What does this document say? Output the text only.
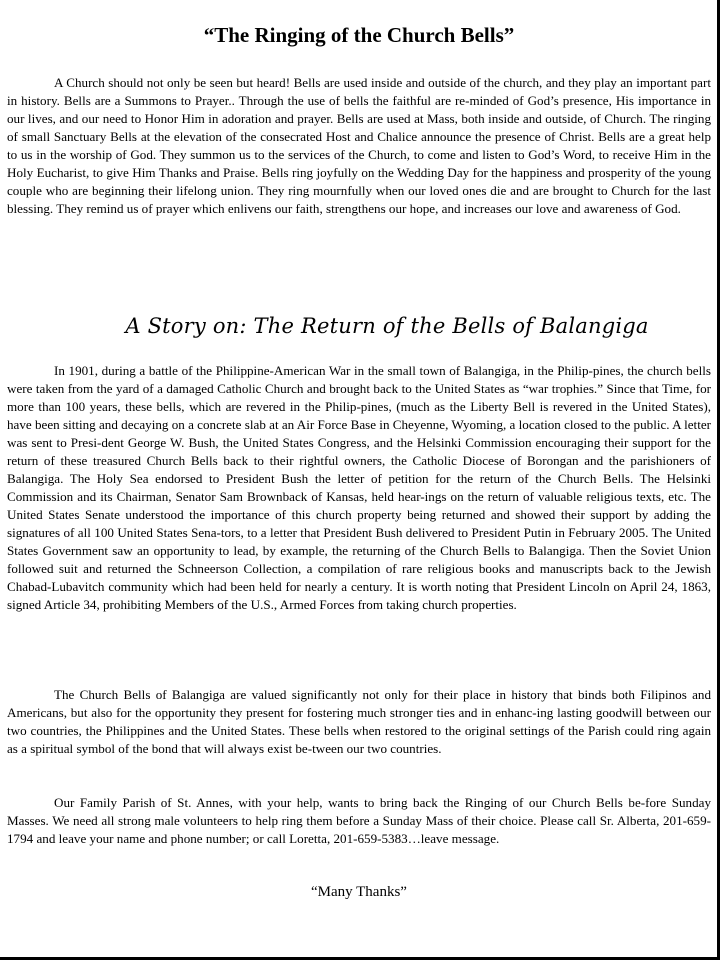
“The Ringing of the Church Bells”

A Church should not only be seen but heard! Bells are used inside and outside of the church, and they play an important part in history. Bells are a Summons to Prayer.. Through the use of bells the faithful are re-minded of God’s presence, His importance in our lives, and our need to Honor Him in adoration and prayer. Bells are used at Mass, both inside and outside, of Church. The ringing of small Sanctuary Bells at the elevation of the consecrated Host and Chalice announce the presence of Christ. Bells are a great help to us in the worship of God. They summon us to the services of the Church, to come and listen to God’s Word, to receive Him in the Holy Eucharist, to give Him Thanks and Praise. Bells ring joyfully on the Wedding Day for the happiness and prosperity of the young couple who are beginning their lifelong union. They ring mournfully when our loved ones die and are brought to Church for the last blessing. They remind us of prayer which enlivens our faith, strengthens our hope, and increases our love and awareness of God.

A Story on: The Return of the Bells of Balangiga

In 1901, during a battle of the Philippine-American War in the small town of Balangiga, in the Philip-pines, the church bells were taken from the yard of a damaged Catholic Church and brought back to the United States as “war trophies.” Since that Time, for more than 100 years, these bells, which are revered in the Philip-pines, (much as the Liberty Bell is revered in the United States), have been sitting and decaying on a concrete slab at an Air Force Base in Cheyenne, Wyoming, a location closed to the public. A letter was sent to Presi-dent George W. Bush, the United States Congress, and the Helsinki Commission encouraging their support for the return of these treasured Church Bells back to their rightful owners, the Catholic Diocese of Borongan and the parishioners of Balangiga. The Holy Sea endorsed to President Bush the letter of petition for the return of the Church Bells. The Helsinki Commission and its Chairman, Senator Sam Brownback of Kansas, held hear-ings on the return of valuable religious texts, etc. The United States Senate understood the importance of this church property being returned and showed their support by adding the signatures of all 100 United States Sena-tors, to a letter that President Bush delivered to President Putin in February 2005. The United States Government saw an opportunity to lead, by example, the returning of the Church Bells to Balangiga. Then the Soviet Union followed suit and returned the Schneerson Collection, a compilation of rare religious books and manuscripts back to the Jewish Chabad-Lubavitch community which had been held for nearly a century. It is worth noting that President Lincoln on April 24, 1863, signed Article 34, prohibiting Members of the U.S., Armed Forces from taking church properties.

The Church Bells of Balangiga are valued significantly not only for their place in history that binds both Filipinos and Americans, but also for the opportunity they present for fostering much stronger ties and in enhanc-ing lasting goodwill between our two countries, the Philippines and the United States. These bells when restored to the original settings of the Parish could ring again as a spiritual symbol of the bond that will always exist be-tween our two countries.

Our Family Parish of St. Annes, with your help, wants to bring back the Ringing of our Church Bells be-fore Sunday Masses. We need all strong male volunteers to help ring them before a Sunday Mass of their choice. Please call Sr. Alberta, 201-659-1794 and leave your name and phone number; or call Loretta, 201-659-5383…leave message.

“Many Thanks”
